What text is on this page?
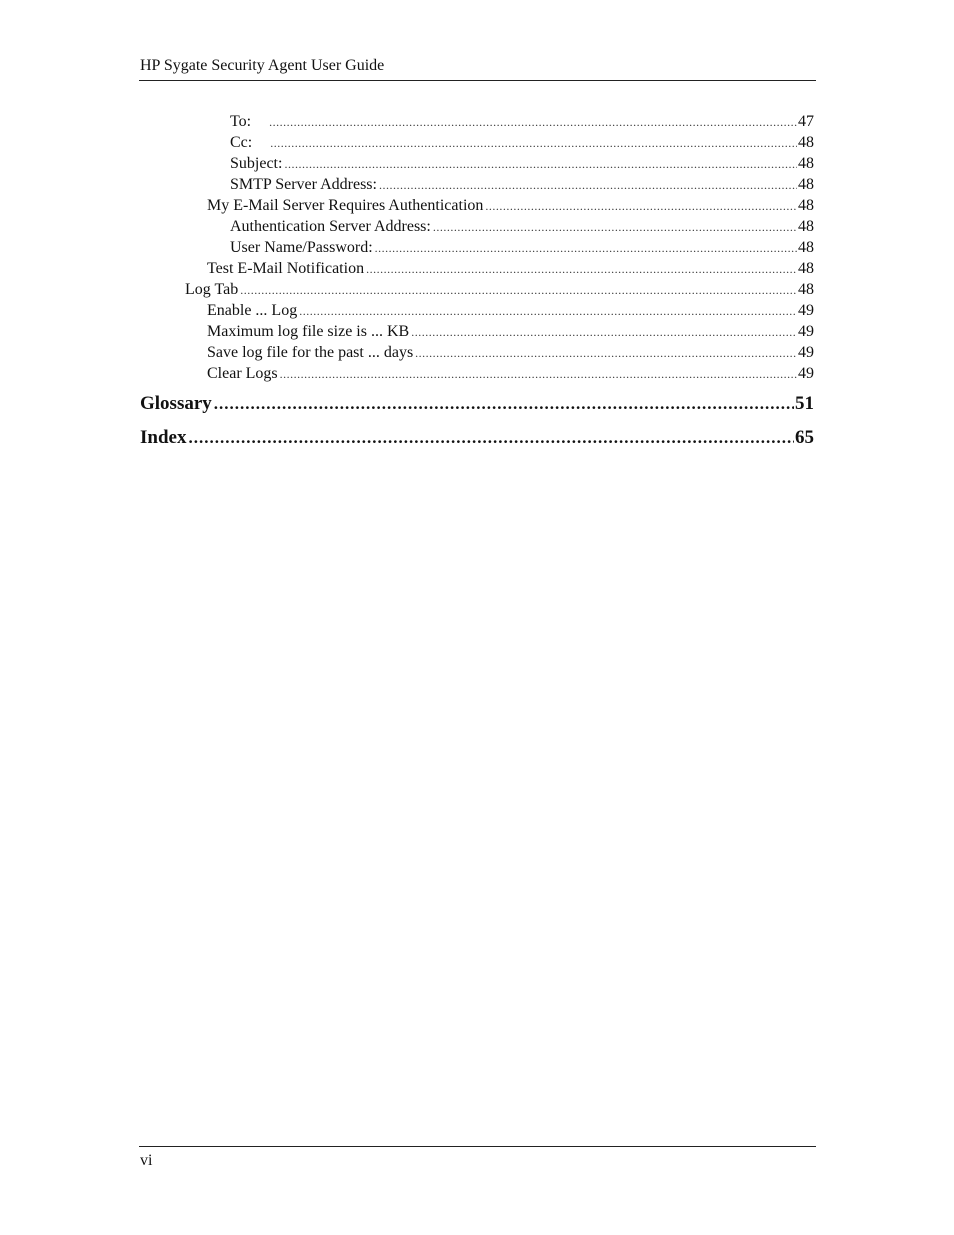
HP Sygate Security Agent User Guide
To: .....	47
Cc: .....	48
Subject: .....	48
SMTP Server Address: .....	48
My E-Mail Server Requires Authentication .....	48
Authentication Server Address: .....	48
User Name/Password: .....	48
Test E-Mail Notification .....	48
Log Tab .....	48
Enable ... Log .....	49
Maximum log file size is ... KB .....	49
Save log file for the past ... days .....	49
Clear Logs .....	49
Glossary .....	51
Index .....	65
vi
